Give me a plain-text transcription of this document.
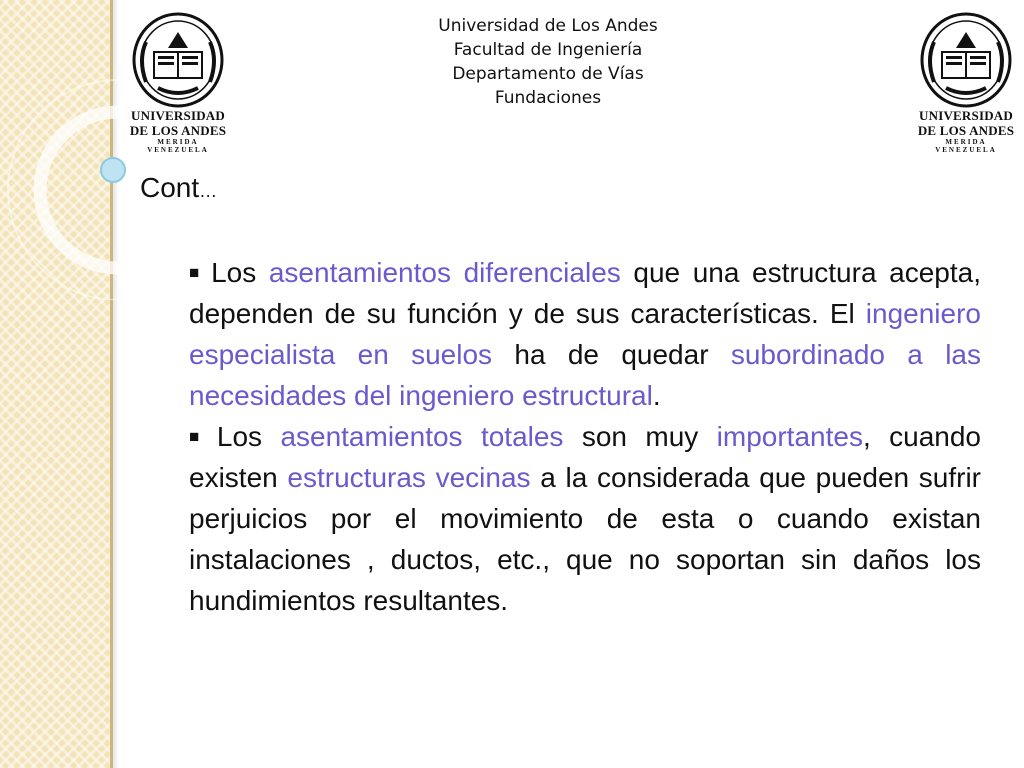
Universidad de Los Andes
Facultad de Ingeniería
Departamento de Vías
Fundaciones
UNIVERSIDAD
DE LOS ANDES
MERIDA VENEZUELA
UNIVERSIDAD
DE LOS ANDES
MERIDA VENEZUELA
Cont…
■ Los asentamientos diferenciales que una estructura acepta, dependen de su función y de sus características. El ingeniero especialista en suelos ha de quedar subordinado a las necesidades del ingeniero estructural.
■ Los asentamientos totales son muy importantes, cuando existen estructuras vecinas a la considerada que pueden sufrir perjuicios por el movimiento de esta o cuando existan instalaciones , ductos, etc., que no soportan sin daños los hundimientos resultantes.
